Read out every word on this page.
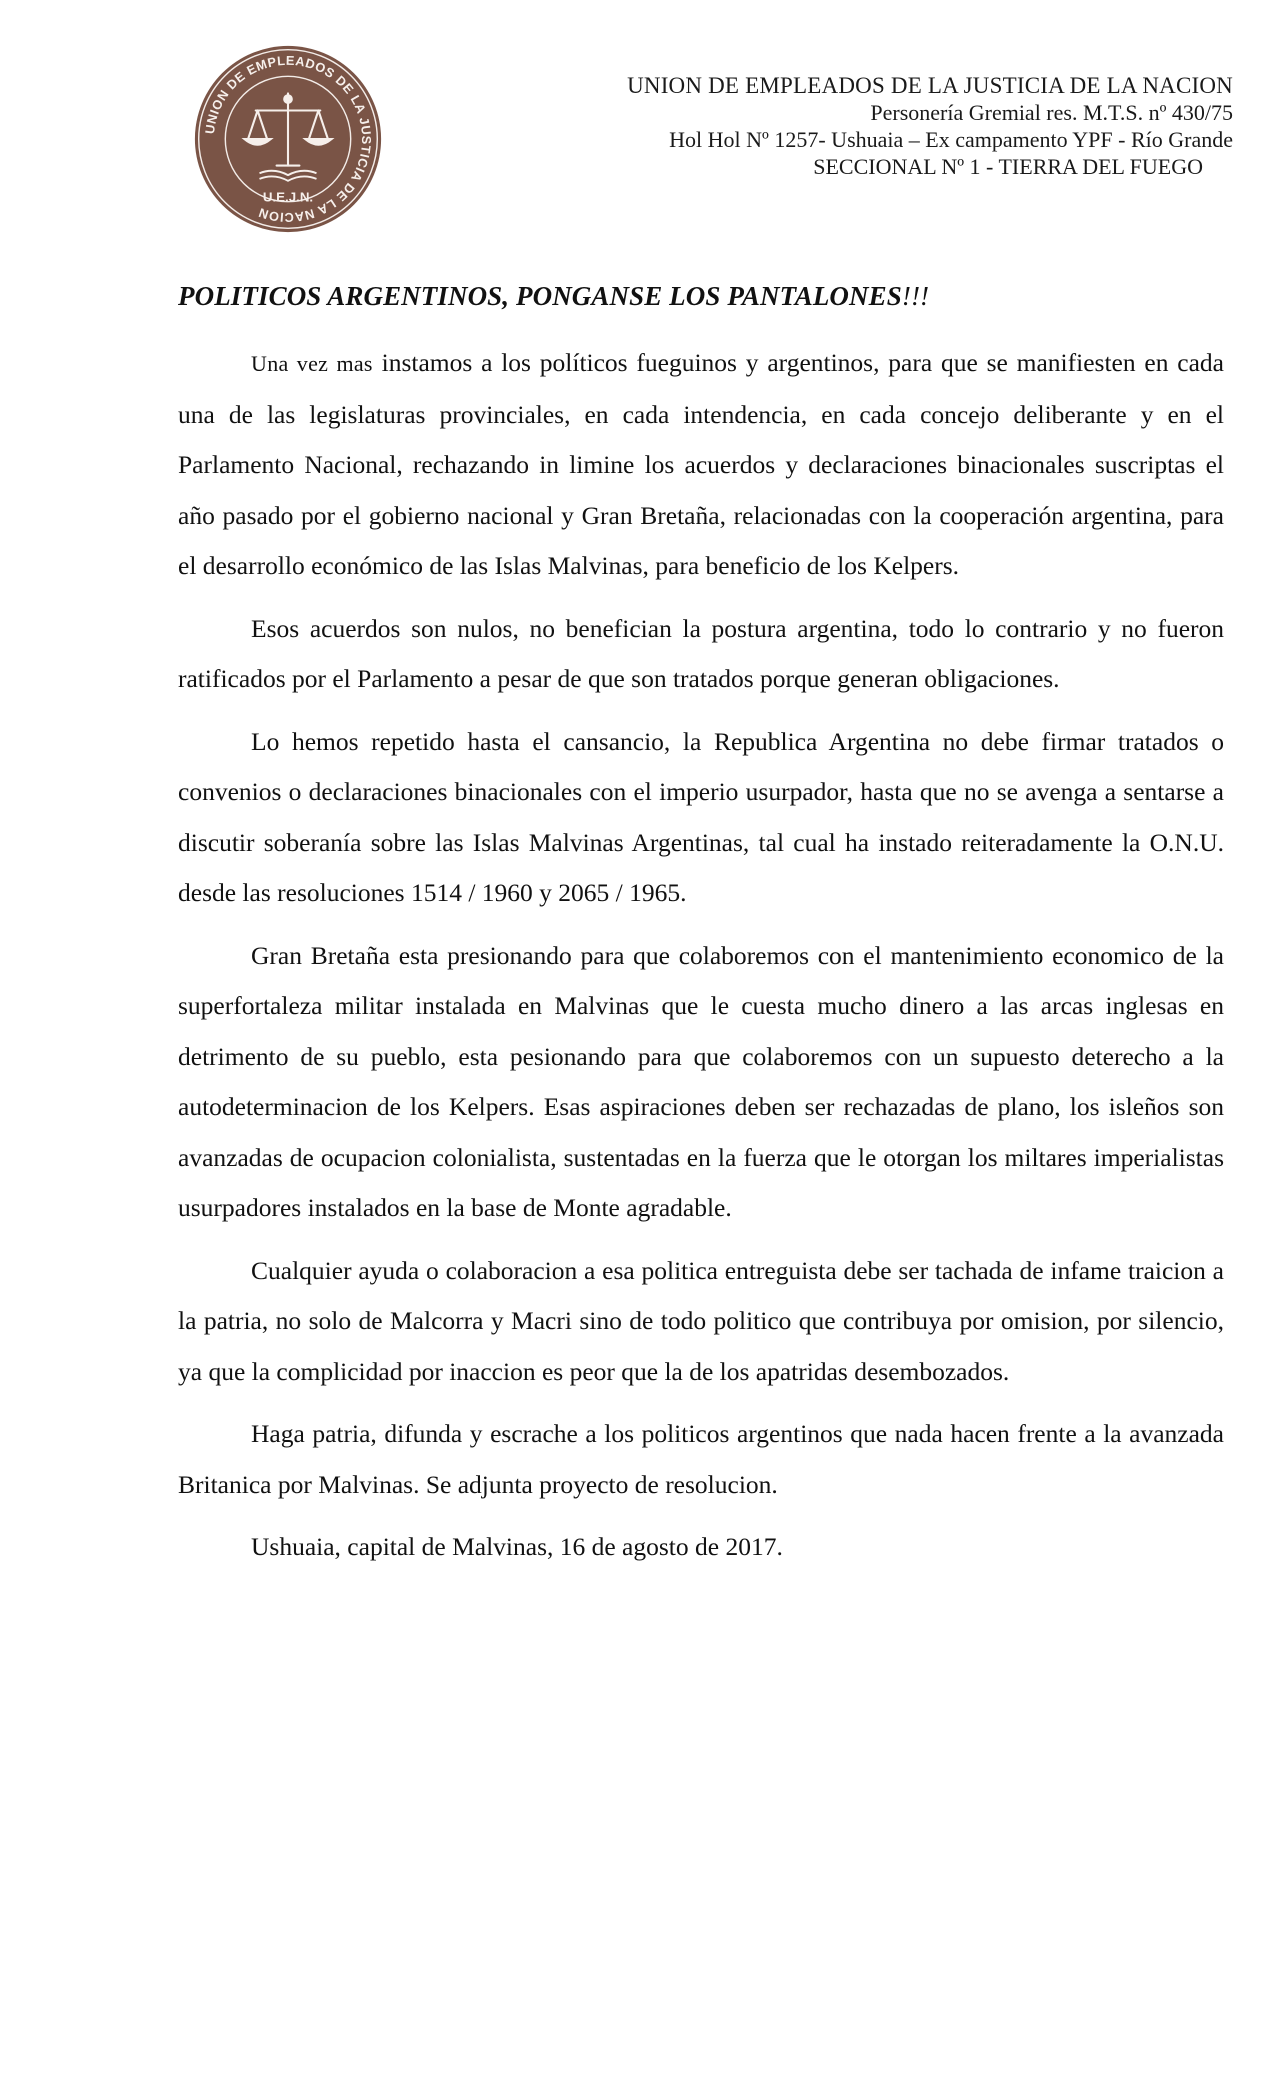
UNION DE EMPLEADOS DE LA JUSTICIA DE LA NACION
U.E.J.N.
UNION DE EMPLEADOS DE LA JUSTICIA DE LA NACION
Personería Gremial res. M.T.S. nº 430/75
Hol Hol Nº 1257- Ushuaia – Ex campamento YPF - Río Grande
SECCIONAL Nº 1 - TIERRA DEL FUEGO
POLITICOS ARGENTINOS, PONGANSE LOS PANTALONES!!!

Una vez mas instamos a los políticos fueguinos y argentinos, para que se manifiesten en cada una de las legislaturas provinciales, en cada intendencia, en cada concejo deliberante y en el Parlamento Nacional, rechazando in limine los acuerdos y declaraciones binacionales suscriptas el año pasado por el gobierno nacional y Gran Bretaña, relacionadas con la cooperación argentina, para el desarrollo económico de las Islas Malvinas, para beneficio de los Kelpers.

Esos acuerdos son nulos, no benefician la postura argentina, todo lo contrario y no fueron ratificados por el Parlamento a pesar de que son tratados porque generan obligaciones.

Lo hemos repetido hasta el cansancio, la Republica Argentina no debe firmar tratados o convenios o declaraciones binacionales con el imperio usurpador, hasta que no se avenga a sentarse a discutir soberanía sobre las Islas Malvinas Argentinas, tal cual ha instado reiteradamente la O.N.U. desde las resoluciones 1514 / 1960 y 2065 / 1965.

Gran Bretaña esta presionando para que colaboremos con el mantenimiento economico de la superfortaleza militar instalada en Malvinas que le cuesta mucho dinero a las arcas inglesas en detrimento de su pueblo, esta pesionando para que colaboremos con un supuesto deterecho a la autodeterminacion de los Kelpers. Esas aspiraciones deben ser rechazadas de plano, los isleños son avanzadas de ocupacion colonialista, sustentadas en la fuerza que le otorgan los miltares imperialistas usurpadores instalados en la base de Monte agradable.

Cualquier ayuda o colaboracion a esa politica entreguista debe ser tachada de infame traicion a la patria, no solo de Malcorra y Macri sino de todo politico que contribuya por omision, por silencio, ya que la complicidad por inaccion es peor que la de los apatridas desembozados.

Haga patria, difunda y escrache a los politicos argentinos que nada hacen frente a la avanzada Britanica por Malvinas. Se adjunta proyecto de resolucion.

Ushuaia, capital de Malvinas, 16 de agosto de 2017.
